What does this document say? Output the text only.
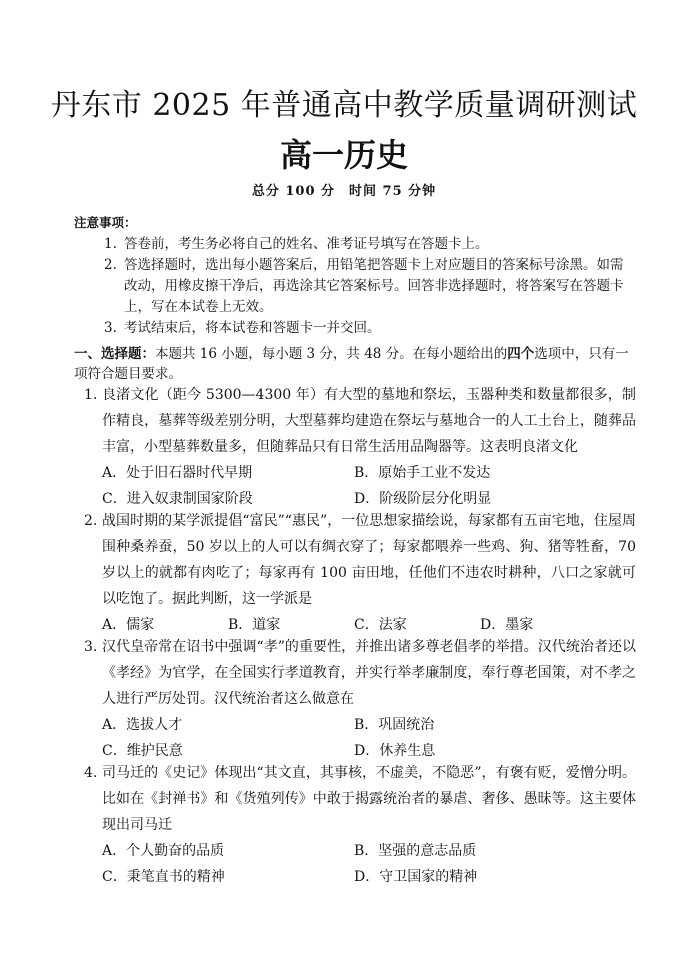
丹东市 2025 年普通高中教学质量调研测试
高一历史
总分 100 分　时间 75 分钟
注意事项：
1. 答卷前，考生务必将自己的姓名、准考证号填写在答题卡上。
2. 答选择题时，选出每小题答案后，用铅笔把答题卡上对应题目的答案标号涂黑。如需改动，用橡皮擦干净后，再选涂其它答案标号。回答非选择题时，将答案写在答题卡上，写在本试卷上无效。
3. 考试结束后，将本试卷和答题卡一并交回。
一、选择题：本题共 16 小题，每小题 3 分，共 48 分。在每小题给出的四个选项中，只有一项符合题目要求。
1. 良渚文化（距今 5300—4300 年）有大型的墓地和祭坛，玉器种类和数量都很多，制作精良，墓葬等级差别分明，大型墓葬均建造在祭坛与墓地合一的人工土台上，随葬品丰富，小型墓葬数量多，但随葬品只有日常生活用品陶器等。这表明良渚文化
A．处于旧石器时代早期	B．原始手工业不发达
C．进入奴隶制国家阶段	D．阶级阶层分化明显
2. 战国时期的某学派提倡“富民”“惠民”，一位思想家描绘说，每家都有五亩宅地，住屋周围种桑养蚕，50 岁以上的人可以有绸衣穿了；每家都喂养一些鸡、狗、猪等牲畜，70 岁以上的就都有肉吃了；每家再有 100 亩田地，任他们不违农时耕种，八口之家就可以吃饱了。据此判断，这一学派是
A．儒家	B．道家	C．法家	D．墨家
3. 汉代皇帝常在诏书中强调“孝”的重要性，并推出诸多尊老倡孝的举措。汉代统治者还以《孝经》为官学，在全国实行孝道教育，并实行举孝廉制度，奉行尊老国策，对不孝之人进行严厉处罚。汉代统治者这么做意在
A．选拔人才	B．巩固统治
C．维护民意	D．休养生息
4. 司马迁的《史记》体现出“其文直，其事核，不虚美，不隐恶”，有褒有贬，爱憎分明。比如在《封禅书》和《货殖列传》中敢于揭露统治者的暴虐、奢侈、愚昧等。这主要体现出司马迁
A．个人勤奋的品质	B．坚强的意志品质
C．秉笔直书的精神	D．守卫国家的精神
